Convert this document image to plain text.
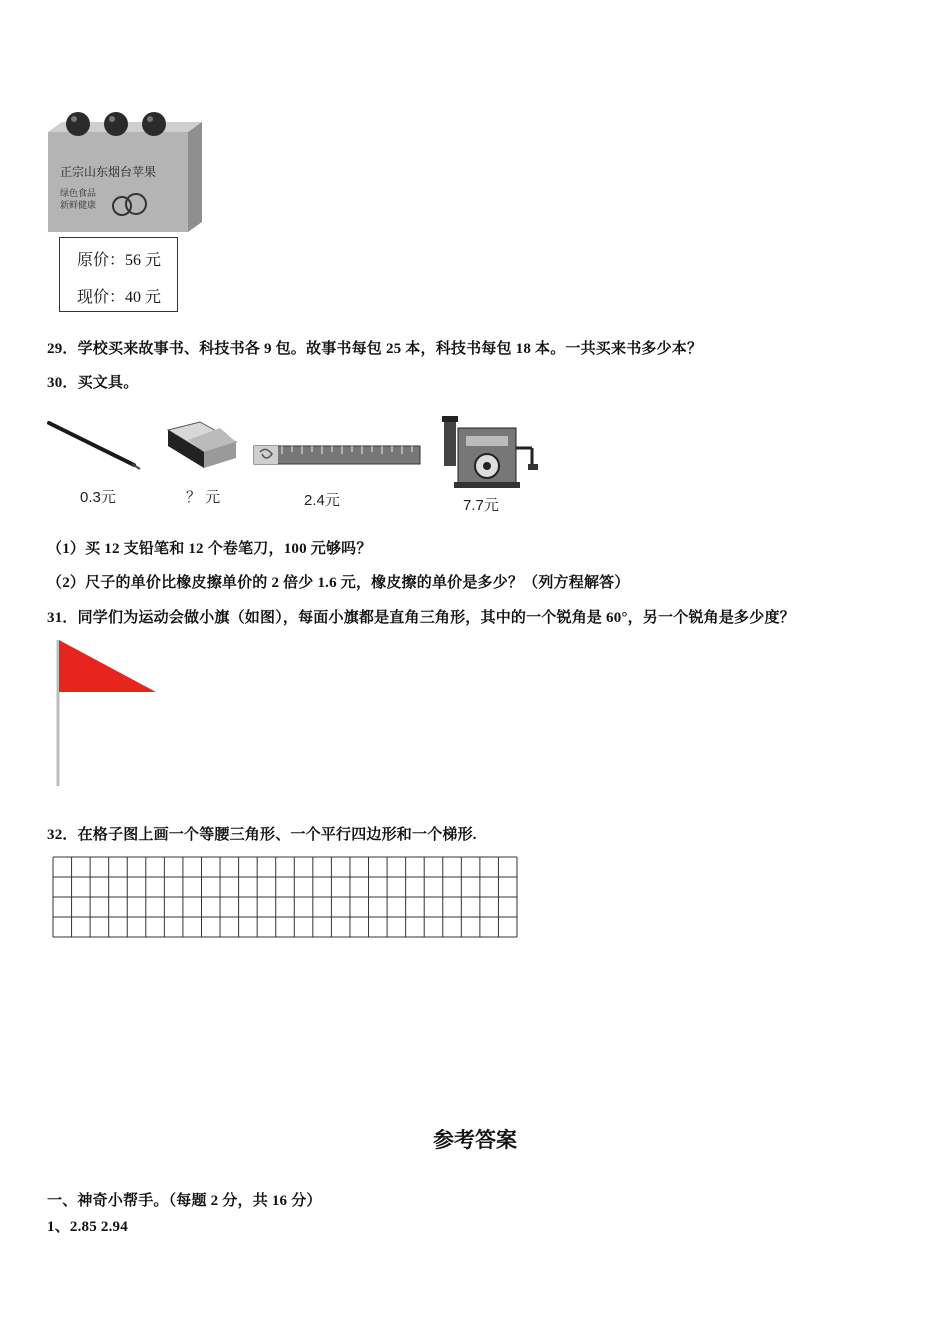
正宗山东烟台苹果
绿色食品
新鲜健康
原价：56 元
现价：40 元
29．学校买来故事书、科技书各 9 包。故事书每包 25 本，科技书每包 18 本。一共买来书多少本？
30．买文具。
0.3元	？ 元	2.4元	7.7元
（1）买 12 支铅笔和 12 个卷笔刀，100 元够吗？
（2）尺子的单价比橡皮擦单价的 2 倍少 1.6 元，橡皮擦的单价是多少？（列方程解答）
31．同学们为运动会做小旗（如图），每面小旗都是直角三角形，其中的一个锐角是 60°，另一个锐角是多少度？
32．在格子图上画一个等腰三角形、一个平行四边形和一个梯形.
参考答案
一、神奇小帮手。（每题 2 分，共 16 分）
1、2.85 2.94
